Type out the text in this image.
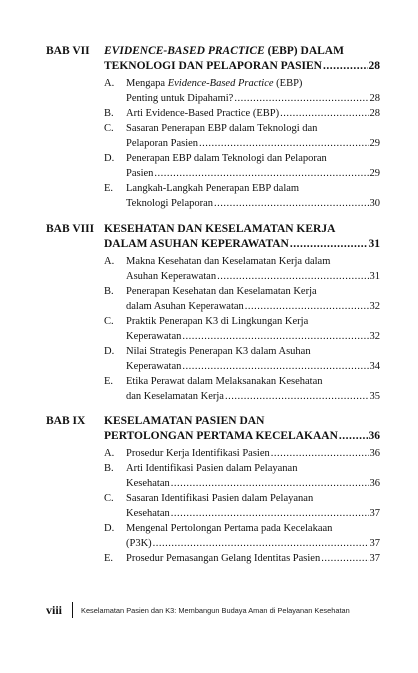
BAB VII EVIDENCE-BASED PRACTICE (EBP) DALAM
TEKNOLOGI DAN PELAPORAN PASIEN .....	28
A. Mengapa Evidence-Based Practice (EBP)
Penting untuk Dipahami? .....	28
B. Arti Evidence-Based Practice (EBP) .....	28
C. Sasaran Penerapan EBP dalam Teknologi dan
Pelaporan Pasien .....	29
D. Penerapan EBP dalam Teknologi dan Pelaporan
Pasien .....	29
E. Langkah-Langkah Penerapan EBP dalam
Teknologi Pelaporan .....	30
BAB VIII KESEHATAN DAN KESELAMATAN KERJA
DALAM ASUHAN KEPERAWATAN .....	31
A. Makna Kesehatan dan Keselamatan Kerja dalam
Asuhan Keperawatan .....	31
B. Penerapan Kesehatan dan Keselamatan Kerja
dalam Asuhan Keperawatan .....	32
C. Praktik Penerapan K3 di Lingkungan Kerja
Keperawatan .....	32
D. Nilai Strategis Penerapan K3 dalam Asuhan
Keperawatan .....	34
E. Etika Perawat dalam Melaksanakan Kesehatan
dan Keselamatan Kerja .....	35
BAB IX KESELAMATAN PASIEN DAN
PERTOLONGAN PERTAMA KECELAKAAN .....	36
A. Prosedur Kerja Identifikasi Pasien .....	36
B. Arti Identifikasi Pasien dalam Pelayanan
Kesehatan .....	36
C. Sasaran Identifikasi Pasien dalam Pelayanan
Kesehatan .....	37
D. Mengenal Pertolongan Pertama pada Kecelakaan
(P3K) .....	37
E. Prosedur Pemasangan Gelang Identitas Pasien .....	37
viii	Keselamatan Pasien dan K3: Membangun Budaya Aman di Pelayanan Kesehatan
